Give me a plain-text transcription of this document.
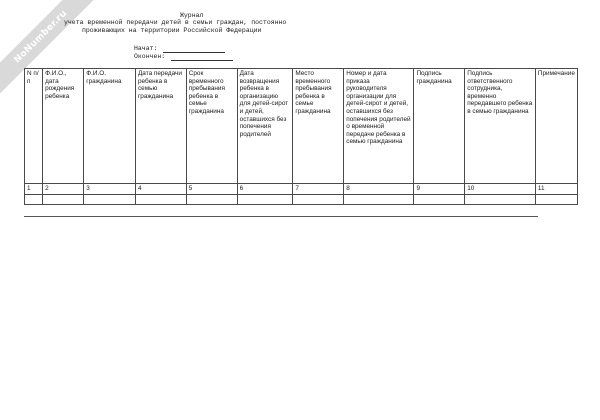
NoNumber.ru	Журнал
учета временной передачи детей в семьи граждан, постоянно
проживающих на территории Российской Федерации
Начат:
Окончен:
N п/п	Ф.И.О., дата рождения ребенка	Ф.И.О. гражданина	Дата передачи ребенка в семью гражданина	Срок временного пребывания ребенка в семье гражданина	Дата возвращения ребенка в организацию для детей-сирот и детей, оставшихся без попечения родителей	Место временного пребывания ребенка в семье гражданина	Номер и дата приказа руководителя организации для детей-сирот и детей, оставшихся без попечения родителей о временной передаче ребенка в семью гражданина	Подпись гражданина	Подпись ответственного сотрудника, временно передавшего ребенка в семью гражданина	Примечание
1	2	3	4	5	6	7	8	9	10	11
